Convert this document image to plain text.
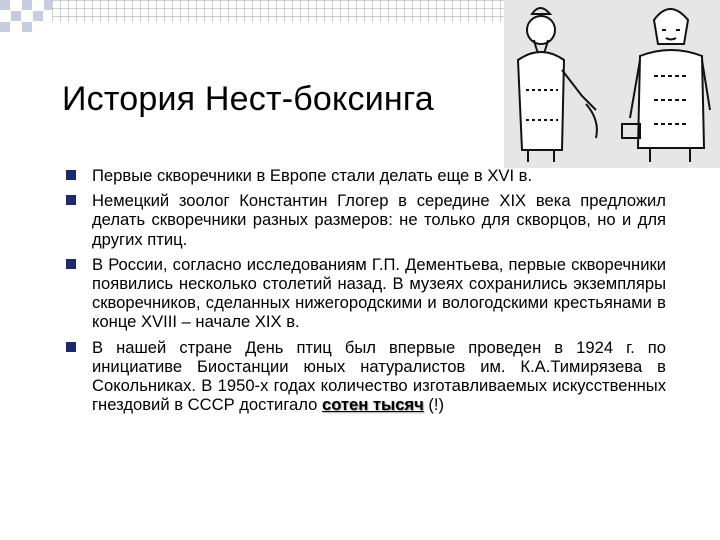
История Нест-боксинга
Первые скворечники в Европе стали делать еще в XVI в.
Немецкий зоолог Константин Глогер в середине XIX века предложил делать скворечники разных размеров: не только для скворцов, но и для других птиц.
В России, согласно исследованиям Г.П. Дементьева, первые скворечники появились несколько столетий назад. В музеях сохранились экземпляры скворечников, сделанных нижегородскими и вологодскими крестьянами в конце XVIII – начале XIX в.
В нашей стране День птиц был впервые проведен в 1924 г. по инициативе Биостанции юных натуралистов им. К.А.Тимирязева в Сокольниках. В 1950-х годах количество изготавливаемых искусственных гнездовий в СССР достигало сотен тысяч (!)
